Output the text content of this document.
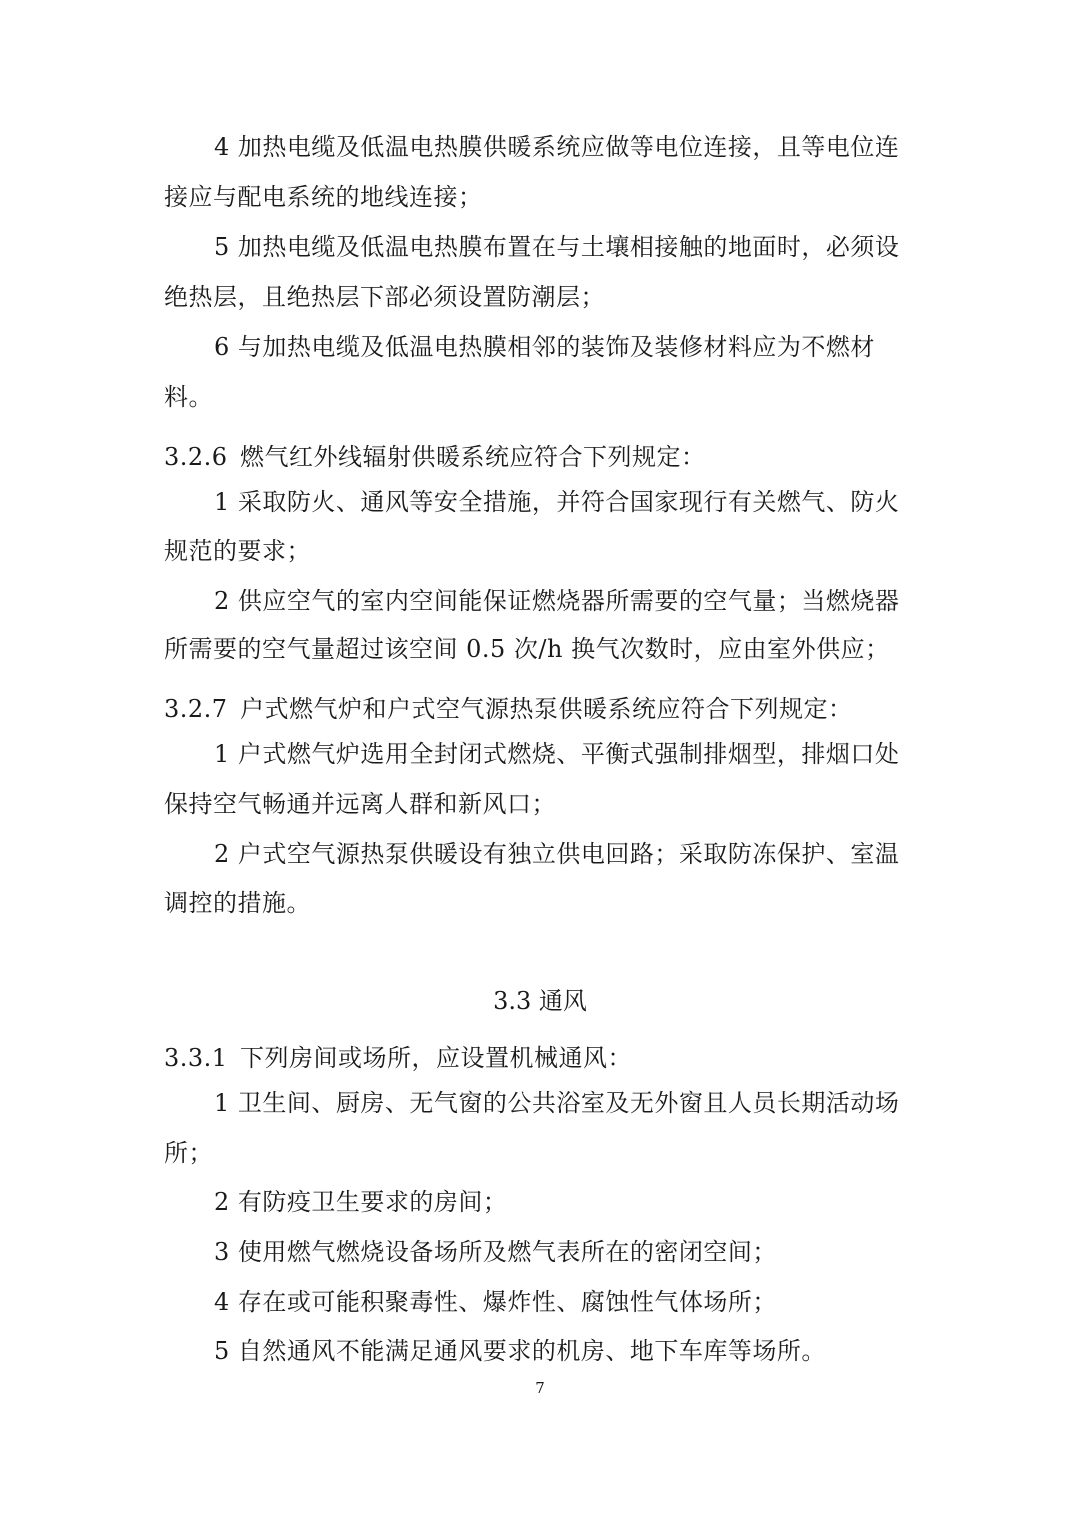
4 加热电缆及低温电热膜供暖系统应做等电位连接，且等电位连
接应与配电系统的地线连接；
5 加热电缆及低温电热膜布置在与土壤相接触的地面时，必须设
绝热层，且绝热层下部必须设置防潮层；
6 与加热电缆及低温电热膜相邻的装饰及装修材料应为不燃材
料。
3.2.6 燃气红外线辐射供暖系统应符合下列规定：
1 采取防火、通风等安全措施，并符合国家现行有关燃气、防火
规范的要求；
2 供应空气的室内空间能保证燃烧器所需要的空气量；当燃烧器
所需要的空气量超过该空间 0.5 次/h 换气次数时，应由室外供应；
3.2.7 户式燃气炉和户式空气源热泵供暖系统应符合下列规定：
1 户式燃气炉选用全封闭式燃烧、平衡式强制排烟型，排烟口处
保持空气畅通并远离人群和新风口；
2 户式空气源热泵供暖设有独立供电回路；采取防冻保护、室温
调控的措施。
3.3 通风
3.3.1 下列房间或场所，应设置机械通风：
1 卫生间、厨房、无气窗的公共浴室及无外窗且人员长期活动场
所；
2 有防疫卫生要求的房间；
3 使用燃气燃烧设备场所及燃气表所在的密闭空间；
4 存在或可能积聚毒性、爆炸性、腐蚀性气体场所；
5 自然通风不能满足通风要求的机房、地下车库等场所。
7
